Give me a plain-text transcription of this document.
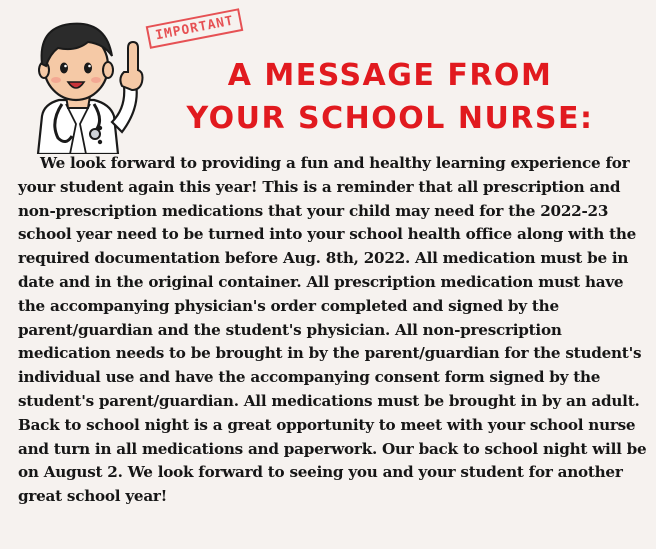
IMPORTANT
A MESSAGE FROM
YOUR SCHOOL NURSE:

We look forward to providing a fun and healthy learning experience for
your student again this year! This is a reminder that all prescription and
non-prescription medications that your child may need for the 2022-23
school year need to be turned into your school health office along with the
required documentation before Aug. 8th, 2022. All medication must be in
date and in the original container. All prescription medication must have
the accompanying physician's order completed and signed by the
parent/guardian and the student's physician. All non-prescription
medication needs to be brought in by the parent/guardian for the student's
individual use and have the accompanying consent form signed by the
student's parent/guardian. All medications must be brought in by an adult.
Back to school night is a great opportunity to meet with your school nurse
and turn in all medications and paperwork. Our back to school night will be
on August 2. We look forward to seeing you and your student for another
great school year!
